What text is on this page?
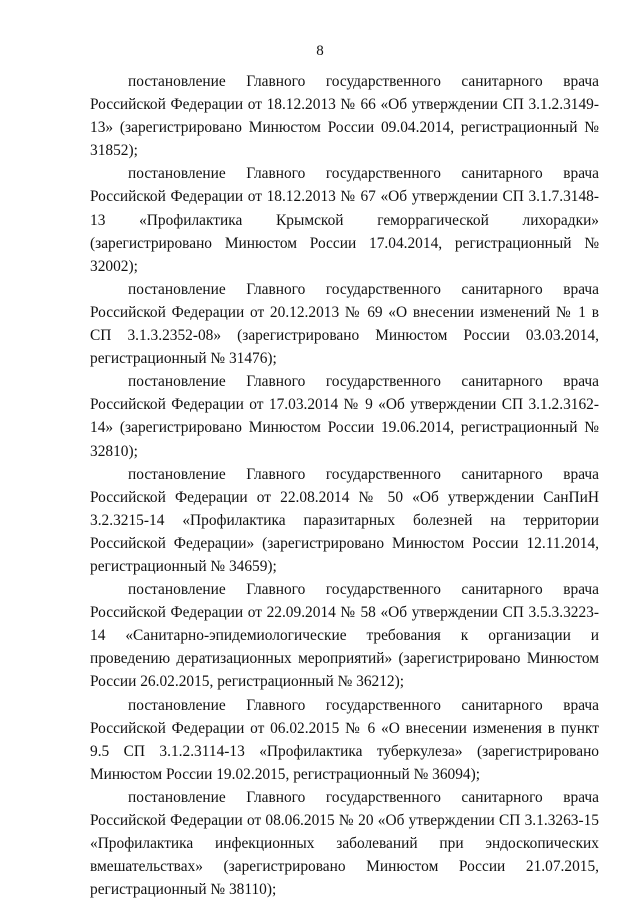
8

постановление Главного государственного санитарного врача Российской Федерации от 18.12.2013 № 66 «Об утверждении СП 3.1.2.3149-13» (зарегистрировано Минюстом России 09.04.2014, регистрационный № 31852);

постановление Главного государственного санитарного врача Российской Федерации от 18.12.2013 № 67 «Об утверждении СП 3.1.7.3148-13 «Профилактика Крымской геморрагической лихорадки» (зарегистрировано Минюстом России 17.04.2014, регистрационный № 32002);

постановление Главного государственного санитарного врача Российской Федерации от 20.12.2013 № 69 «О внесении изменений № 1 в СП 3.1.3.2352-08» (зарегистрировано Минюстом России 03.03.2014, регистрационный № 31476);

постановление Главного государственного санитарного врача Российской Федерации от 17.03.2014 № 9 «Об утверждении СП 3.1.2.3162-14» (зарегистрировано Минюстом России 19.06.2014, регистрационный № 32810);

постановление Главного государственного санитарного врача Российской Федерации от 22.08.2014 № 50 «Об утверждении СанПиН 3.2.3215-14 «Профилактика паразитарных болезней на территории Российской Федерации» (зарегистрировано Минюстом России 12.11.2014, регистрационный № 34659);

постановление Главного государственного санитарного врача Российской Федерации от 22.09.2014 № 58 «Об утверждении СП 3.5.3.3223-14 «Санитарно-эпидемиологические требования к организации и проведению дератизационных мероприятий» (зарегистрировано Минюстом России 26.02.2015, регистрационный № 36212);

постановление Главного государственного санитарного врача Российской Федерации от 06.02.2015 № 6 «О внесении изменения в пункт 9.5 СП 3.1.2.3114-13 «Профилактика туберкулеза» (зарегистрировано Минюстом России 19.02.2015, регистрационный № 36094);

постановление Главного государственного санитарного врача Российской Федерации от 08.06.2015 № 20 «Об утверждении СП 3.1.3263-15 «Профилактика инфекционных заболеваний при эндоскопических вмешательствах» (зарегистрировано Минюстом России 21.07.2015, регистрационный № 38110);
